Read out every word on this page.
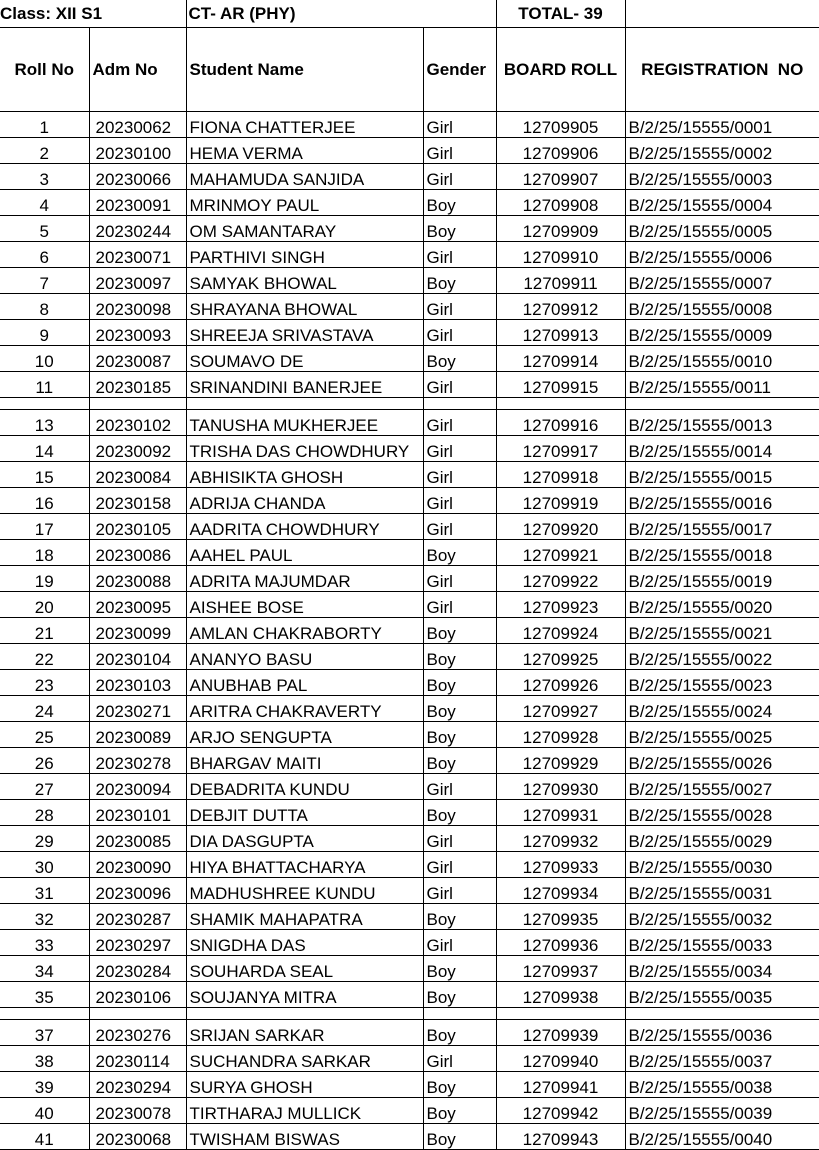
Class: XII S1		CT- AR (PHY)		TOTAL- 39	
Roll No	Adm No	Student Name	Gender	BOARD ROLL	REGISTRATION  NO
1	20230062	FIONA CHATTERJEE	Girl	12709905	B/2/25/15555/0001
2	20230100	HEMA VERMA	Girl	12709906	B/2/25/15555/0002
3	20230066	MAHAMUDA SANJIDA	Girl	12709907	B/2/25/15555/0003
4	20230091	MRINMOY PAUL	Boy	12709908	B/2/25/15555/0004
5	20230244	OM SAMANTARAY	Boy	12709909	B/2/25/15555/0005
6	20230071	PARTHIVI SINGH	Girl	12709910	B/2/25/15555/0006
7	20230097	SAMYAK BHOWAL	Boy	12709911	B/2/25/15555/0007
8	20230098	SHRAYANA BHOWAL	Girl	12709912	B/2/25/15555/0008
9	20230093	SHREEJA SRIVASTAVA	Girl	12709913	B/2/25/15555/0009
10	20230087	SOUMAVO DE	Boy	12709914	B/2/25/15555/0010
11	20230185	SRINANDINI BANERJEE	Girl	12709915	B/2/25/15555/0011

13	20230102	TANUSHA MUKHERJEE	Girl	12709916	B/2/25/15555/0013
14	20230092	TRISHA DAS CHOWDHURY	Girl	12709917	B/2/25/15555/0014
15	20230084	ABHISIKTA GHOSH	Girl	12709918	B/2/25/15555/0015
16	20230158	ADRIJA CHANDA	Girl	12709919	B/2/25/15555/0016
17	20230105	AADRITA CHOWDHURY	Girl	12709920	B/2/25/15555/0017
18	20230086	AAHEL PAUL	Boy	12709921	B/2/25/15555/0018
19	20230088	ADRITA MAJUMDAR	Girl	12709922	B/2/25/15555/0019
20	20230095	AISHEE BOSE	Girl	12709923	B/2/25/15555/0020
21	20230099	AMLAN CHAKRABORTY	Boy	12709924	B/2/25/15555/0021
22	20230104	ANANYO BASU	Boy	12709925	B/2/25/15555/0022
23	20230103	ANUBHAB PAL	Boy	12709926	B/2/25/15555/0023
24	20230271	ARITRA CHAKRAVERTY	Boy	12709927	B/2/25/15555/0024
25	20230089	ARJO SENGUPTA	Boy	12709928	B/2/25/15555/0025
26	20230278	BHARGAV MAITI	Boy	12709929	B/2/25/15555/0026
27	20230094	DEBADRITA KUNDU	Girl	12709930	B/2/25/15555/0027
28	20230101	DEBJIT DUTTA	Boy	12709931	B/2/25/15555/0028
29	20230085	DIA DASGUPTA	Girl	12709932	B/2/25/15555/0029
30	20230090	HIYA BHATTACHARYA	Girl	12709933	B/2/25/15555/0030
31	20230096	MADHUSHREE KUNDU	Girl	12709934	B/2/25/15555/0031
32	20230287	SHAMIK MAHAPATRA	Boy	12709935	B/2/25/15555/0032
33	20230297	SNIGDHA DAS	Girl	12709936	B/2/25/15555/0033
34	20230284	SOUHARDA SEAL	Boy	12709937	B/2/25/15555/0034
35	20230106	SOUJANYA MITRA	Boy	12709938	B/2/25/15555/0035

37	20230276	SRIJAN SARKAR	Boy	12709939	B/2/25/15555/0036
38	20230114	SUCHANDRA SARKAR	Girl	12709940	B/2/25/15555/0037
39	20230294	SURYA GHOSH	Boy	12709941	B/2/25/15555/0038
40	20230078	TIRTHARAJ MULLICK	Boy	12709942	B/2/25/15555/0039
41	20230068	TWISHAM BISWAS	Boy	12709943	B/2/25/15555/0040
